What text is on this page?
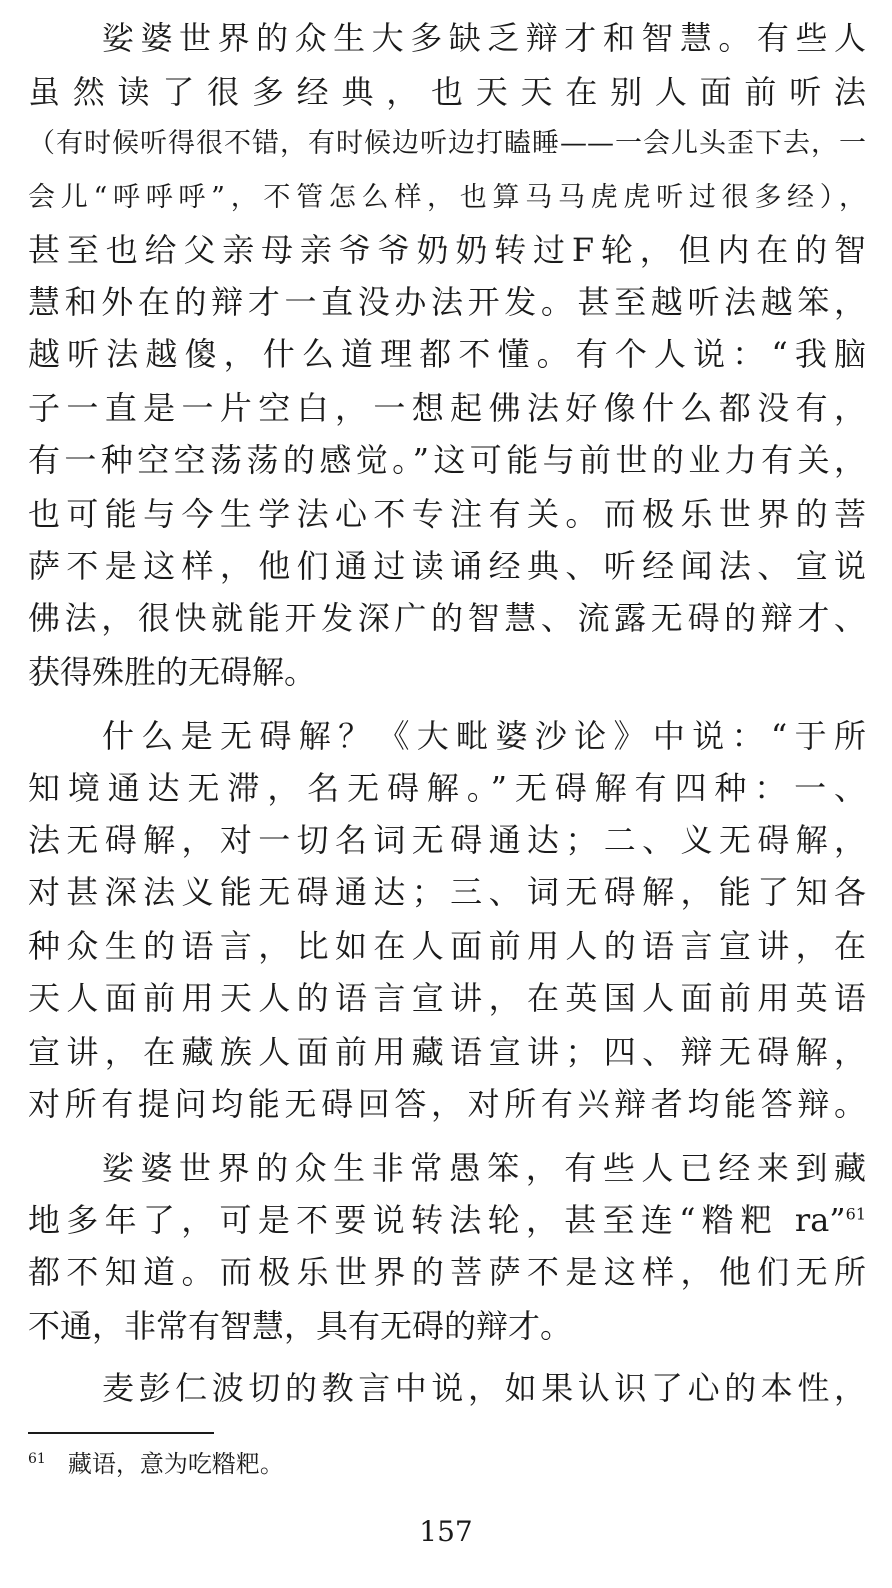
娑婆世界的众生大多缺乏辩才和智慧。有些人
虽然读了很多经典，也天天在别人面前听法
（有时候听得很不错，有时候边听边打瞌睡——一会儿头歪下去，一
会儿“呼呼呼”，不管怎么样，也算马马虎虎听过很多经），
甚至也给父亲母亲爷爷奶奶转过F轮，但内在的智
慧和外在的辩才一直没办法开发。甚至越听法越笨，
越听法越傻，什么道理都不懂。有个人说：“我脑
子一直是一片空白，一想起佛法好像什么都没有，
有一种空空荡荡的感觉。”这可能与前世的业力有关，
也可能与今生学法心不专注有关。而极乐世界的菩
萨不是这样，他们通过读诵经典、听经闻法、宣说
佛法，很快就能开发深广的智慧、流露无碍的辩才、
获得殊胜的无碍解。
什么是无碍解？《大毗婆沙论》中说：“于所
知境通达无滞，名无碍解。”无碍解有四种：一、
法无碍解，对一切名词无碍通达；二、义无碍解，
对甚深法义能无碍通达；三、词无碍解，能了知各
种众生的语言，比如在人面前用人的语言宣讲，在
天人面前用天人的语言宣讲，在英国人面前用英语
宣讲，在藏族人面前用藏语宣讲；四、辩无碍解，
对所有提问均能无碍回答，对所有兴辩者均能答辩。
娑婆世界的众生非常愚笨，有些人已经来到藏
地多年了，可是不要说转法轮，甚至连“糌粑 ra”$^{61}$
都不知道。而极乐世界的菩萨不是这样，他们无所
不通，非常有智慧，具有无碍的辩才。
麦彭仁波切的教言中说，如果认识了心的本性，
$^{61}$ 藏语，意为吃糌粑。
157
